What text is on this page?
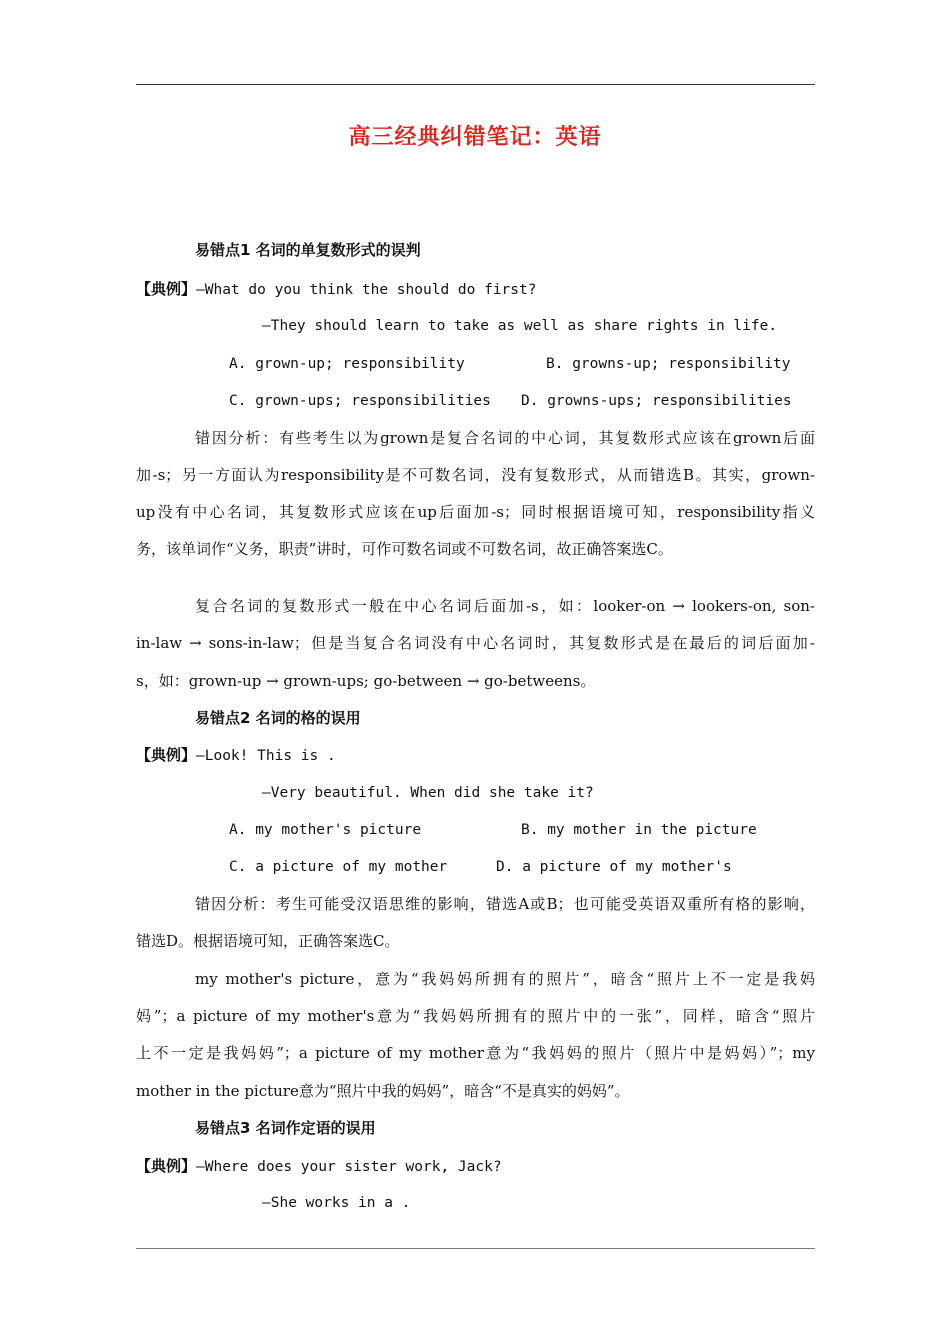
高三经典纠错笔记：英语
易错点1 名词的单复数形式的误判
【典例】—What do you think the should do first?
—They should learn to take as well as share rights in life.
A. grown-up; responsibility	B. growns-up; responsibility
C. grown-ups; responsibilities D. growns-ups; responsibilities
错因分析：有些考生以为grown是复合名词的中心词，其复数形式应该在grown后面
加-s；另一方面认为responsibility是不可数名词，没有复数形式，从而错选B。其实，grown-
up没有中心名词，其复数形式应该在up后面加-s；同时根据语境可知，responsibility指义
务，该单词作“义务，职责”讲时，可作可数名词或不可数名词，故正确答案选C。
复合名词的复数形式一般在中心名词后面加-s，如：looker-on → lookers-on, son-
in-law → sons-in-law；但是当复合名词没有中心名词时，其复数形式是在最后的词后面加-
s，如：grown-up → grown-ups; go-between → go-betweens。
易错点2 名词的格的误用
【典例】—Look! This is .
—Very beautiful. When did she take it?
A. my mother's picture	B. my mother in the picture
C. a picture of my mother	D. a picture of my mother's
错因分析：考生可能受汉语思维的影响，错选A或B；也可能受英语双重所有格的影响，
错选D。根据语境可知，正确答案选C。
my mother's picture，意为“我妈妈所拥有的照片”，暗含“照片上不一定是我妈
妈”；a picture of my mother's意为“我妈妈所拥有的照片中的一张”，同样，暗含“照片
上不一定是我妈妈”；a picture of my mother意为“我妈妈的照片（照片中是妈妈）”；my
mother in the picture意为“照片中我的妈妈”，暗含“不是真实的妈妈”。
易错点3 名词作定语的误用
【典例】—Where does your sister work, Jack?
—She works in a .
